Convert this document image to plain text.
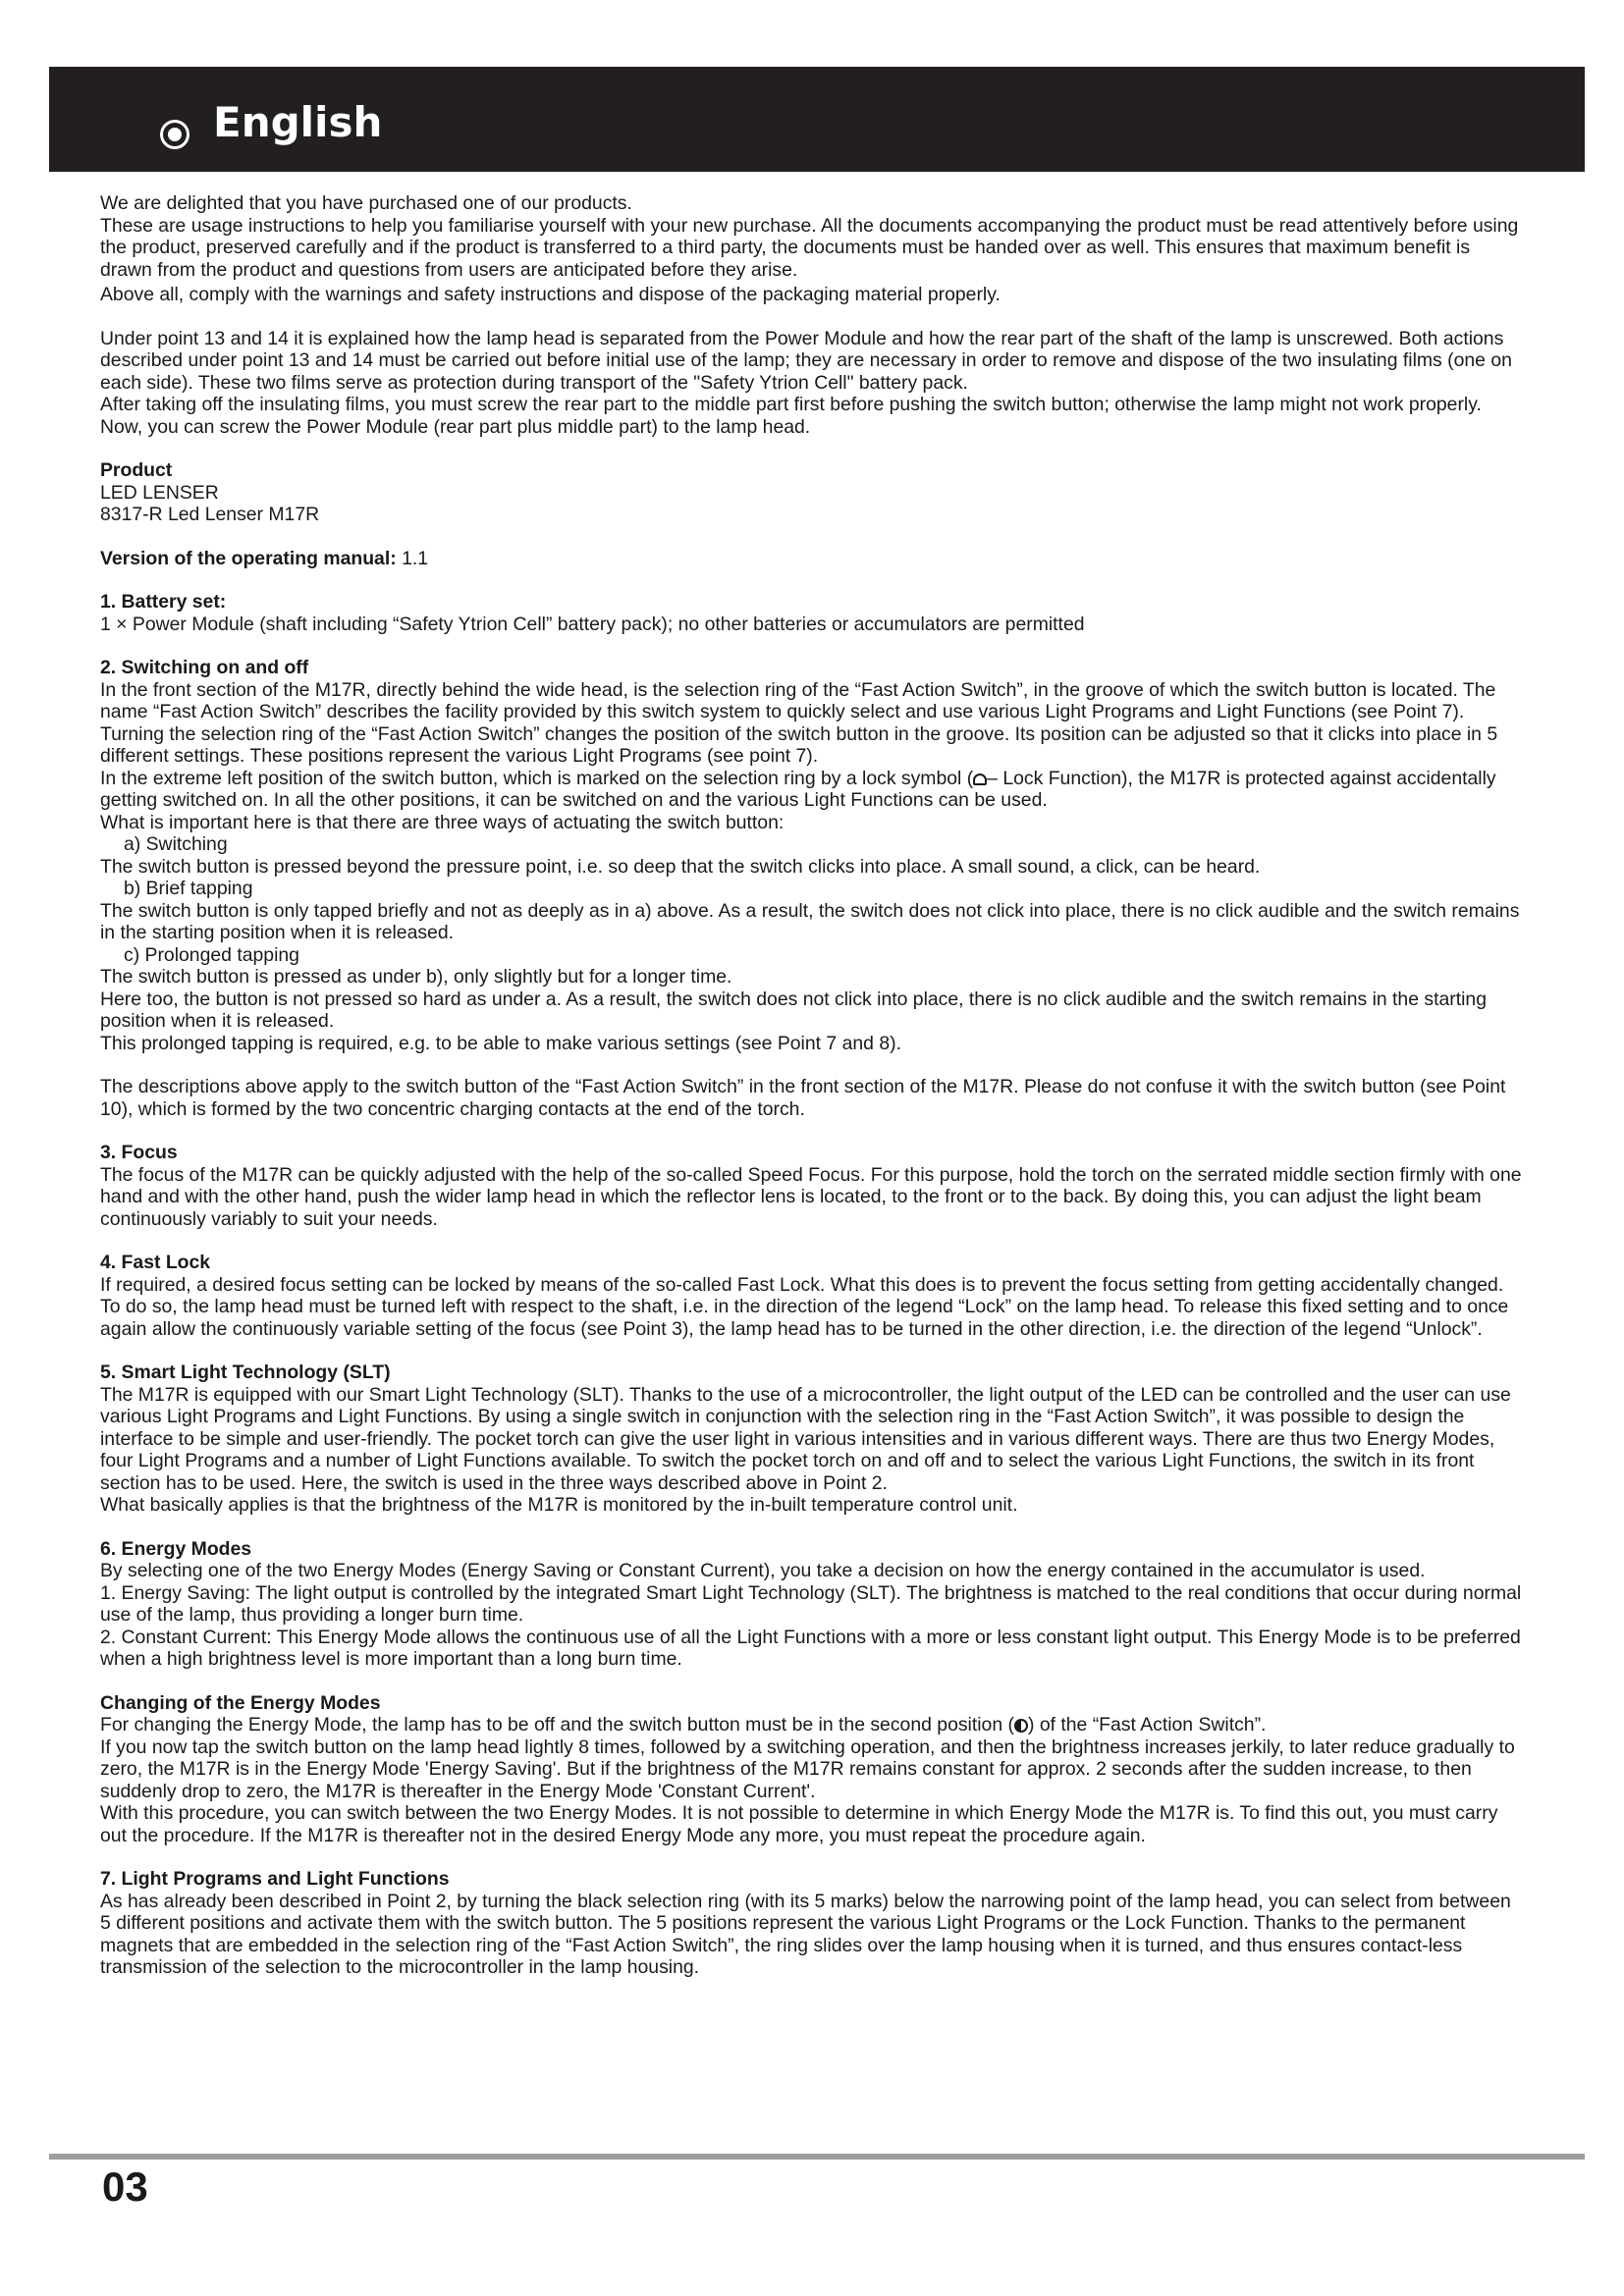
English

We are delighted that you have purchased one of our products.

These are usage instructions to help you familiarise yourself with your new purchase. All the documents accompanying the product must be read attentively before using the product, preserved carefully and if the product is transferred to a third party, the documents must be handed over as well. This ensures that maximum benefit is drawn from the product and questions from users are anticipated before they arise.

Above all, comply with the warnings and safety instructions and dispose of the packaging material properly.

Under point 13 and 14 it is explained how the lamp head is separated from the Power Module and how the rear part of the shaft of the lamp is unscrewed. Both actions described under point 13 and 14 must be carried out before initial use of the lamp; they are necessary in order to remove and dispose of the two insulating films (one on each side). These two films serve as protection during transport of the "Safety Ytrion Cell" battery pack.

After taking off the insulating films, you must screw the rear part to the middle part first before pushing the switch button; otherwise the lamp might not work properly. Now, you can screw the Power Module (rear part plus middle part) to the lamp head.

Product

LED LENSER

8317-R Led Lenser M17R

Version of the operating manual: 1.1

1. Battery set:

1 × Power Module (shaft including “Safety Ytrion Cell” battery pack); no other batteries or accumulators are permitted

2. Switching on and off

In the front section of the M17R, directly behind the wide head, is the selection ring of the “Fast Action Switch”, in the groove of which the switch button is located. The name “Fast Action Switch” describes the facility provided by this switch system to quickly select and use various Light Programs and Light Functions (see Point 7). Turning the selection ring of the “Fast Action Switch” changes the position of the switch button in the groove. Its position can be adjusted so that it clicks into place in 5 different settings. These positions represent the various Light Programs (see point 7).

In the extreme left position of the switch button, which is marked on the selection ring by a lock symbol ( – Lock Function), the M17R is protected against accidentally getting switched on. In all the other positions, it can be switched on and the various Light Functions can be used.

What is important here is that there are three ways of actuating the switch button:

a) Switching

The switch button is pressed beyond the pressure point, i.e. so deep that the switch clicks into place. A small sound, a click, can be heard.

b) Brief tapping

The switch button is only tapped briefly and not as deeply as in a) above. As a result, the switch does not click into place, there is no click audible and the switch remains in the starting position when it is released.

c) Prolonged tapping

The switch button is pressed as under b), only slightly but for a longer time.

Here too, the button is not pressed so hard as under a. As a result, the switch does not click into place, there is no click audible and the switch remains in the starting position when it is released.

This prolonged tapping is required, e.g. to be able to make various settings (see Point 7 and 8).

The descriptions above apply to the switch button of the “Fast Action Switch” in the front section of the M17R. Please do not confuse it with the switch button (see Point 10), which is formed by the two concentric charging contacts at the end of the torch.

3. Focus

The focus of the M17R can be quickly adjusted with the help of the so-called Speed Focus. For this purpose, hold the torch on the serrated middle section firmly with one hand and with the other hand, push the wider lamp head in which the reflector lens is located, to the front or to the back. By doing this, you can adjust the light beam continuously variably to suit your needs.

4. Fast Lock

If required, a desired focus setting can be locked by means of the so-called Fast Lock. What this does is to prevent the focus setting from getting accidentally changed. To do so, the lamp head must be turned left with respect to the shaft, i.e. in the direction of the legend “Lock” on the lamp head. To release this fixed setting and to once again allow the continuously variable setting of the focus (see Point 3), the lamp head has to be turned in the other direction, i.e. the direction of the legend “Unlock”.

5. Smart Light Technology (SLT)

The M17R is equipped with our Smart Light Technology (SLT). Thanks to the use of a microcontroller, the light output of the LED can be controlled and the user can use various Light Programs and Light Functions. By using a single switch in conjunction with the selection ring in the “Fast Action Switch”, it was possible to design the interface to be simple and user-friendly. The pocket torch can give the user light in various intensities and in various different ways. There are thus two Energy Modes, four Light Programs and a number of Light Functions available. To switch the pocket torch on and off and to select the various Light Functions, the switch in its front section has to be used. Here, the switch is used in the three ways described above in Point 2.

What basically applies is that the brightness of the M17R is monitored by the in-built temperature control unit.

6. Energy Modes

By selecting one of the two Energy Modes (Energy Saving or Constant Current), you take a decision on how the energy contained in the accumulator is used.

1. Energy Saving: The light output is controlled by the integrated Smart Light Technology (SLT). The brightness is matched to the real conditions that occur during normal use of the lamp, thus providing a longer burn time.

2. Constant Current: This Energy Mode allows the continuous use of all the Light Functions with a more or less constant light output. This Energy Mode is to be preferred when a high brightness level is more important than a long burn time.

Changing of the Energy Modes

For changing the Energy Mode, the lamp has to be off and the switch button must be in the second position ( ) of the “Fast Action Switch”.

If you now tap the switch button on the lamp head lightly 8 times, followed by a switching operation, and then the brightness increases jerkily, to later reduce gradually to zero, the M17R is in the Energy Mode 'Energy Saving'. But if the brightness of the M17R remains constant for approx. 2 seconds after the sudden increase, to then suddenly drop to zero, the M17R is thereafter in the Energy Mode 'Constant Current'.

With this procedure, you can switch between the two Energy Modes. It is not possible to determine in which Energy Mode the M17R is. To find this out, you must carry out the procedure. If the M17R is thereafter not in the desired Energy Mode any more, you must repeat the procedure again.

7. Light Programs and Light Functions

As has already been described in Point 2, by turning the black selection ring (with its 5 marks) below the narrowing point of the lamp head, you can select from between 5 different positions and activate them with the switch button. The 5 positions represent the various Light Programs or the Lock Function. Thanks to the permanent magnets that are embedded in the selection ring of the “Fast Action Switch”, the ring slides over the lamp housing when it is turned, and thus ensures contact-less transmission of the selection to the microcontroller in the lamp housing.

03
